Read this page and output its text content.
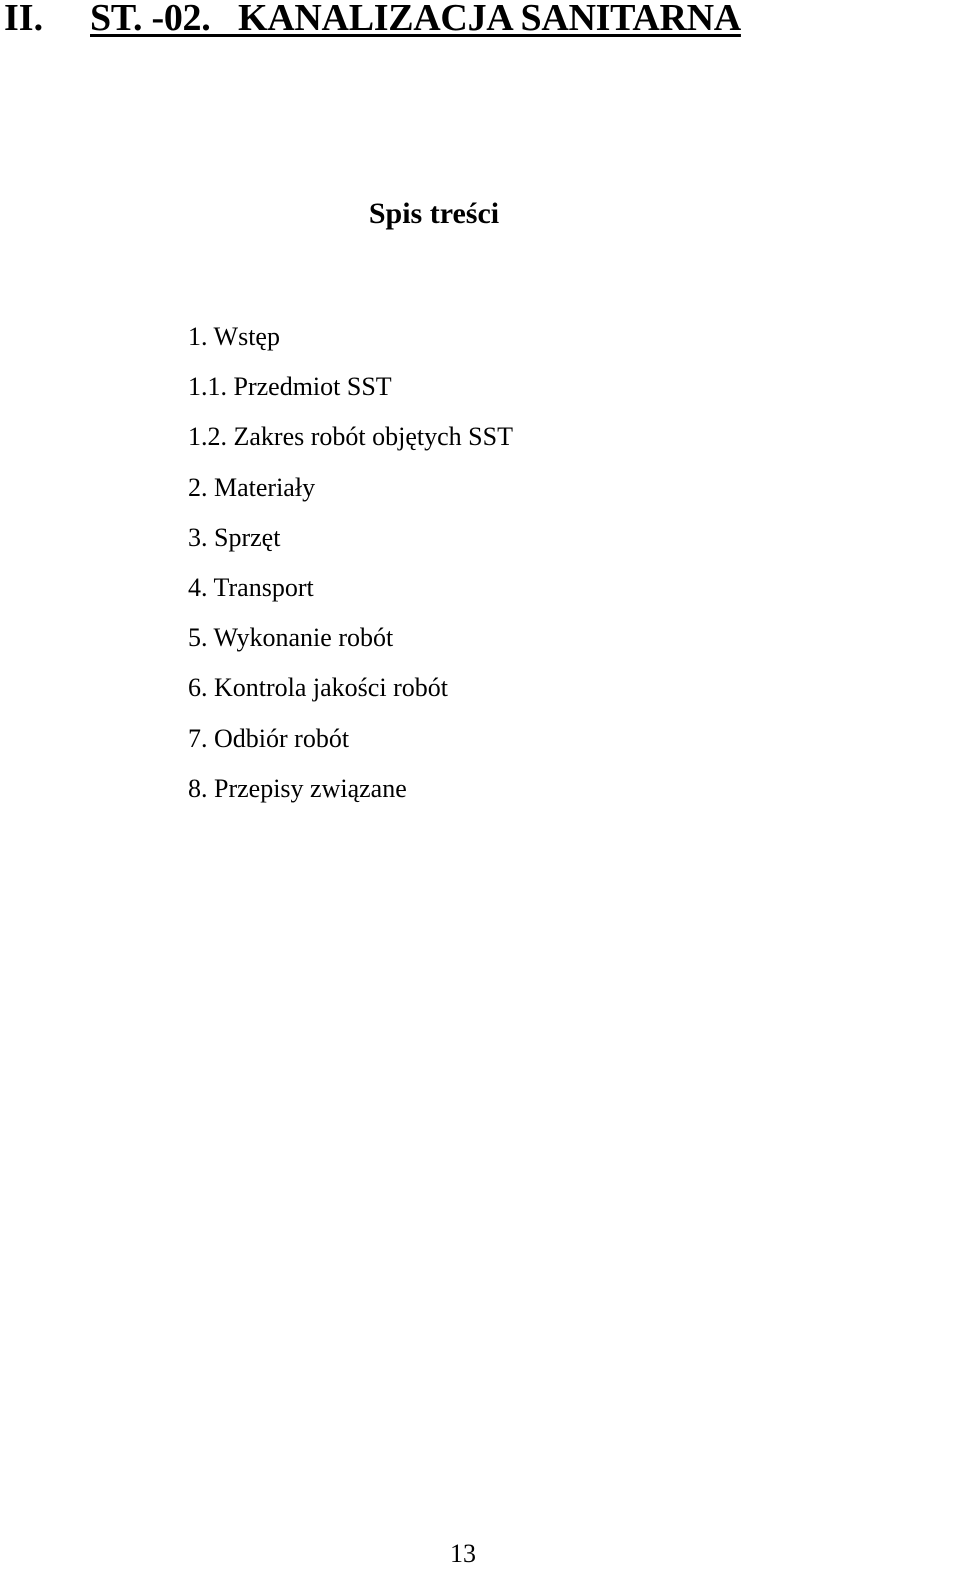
II. ST. -02.   KANALIZACJA SANITARNA
Spis treści
1. Wstęp
1.1. Przedmiot SST
1.2. Zakres robót objętych SST
2. Materiały
3. Sprzęt
4. Transport
5. Wykonanie robót
6. Kontrola jakości robót
7. Odbiór robót
8. Przepisy związane
13
